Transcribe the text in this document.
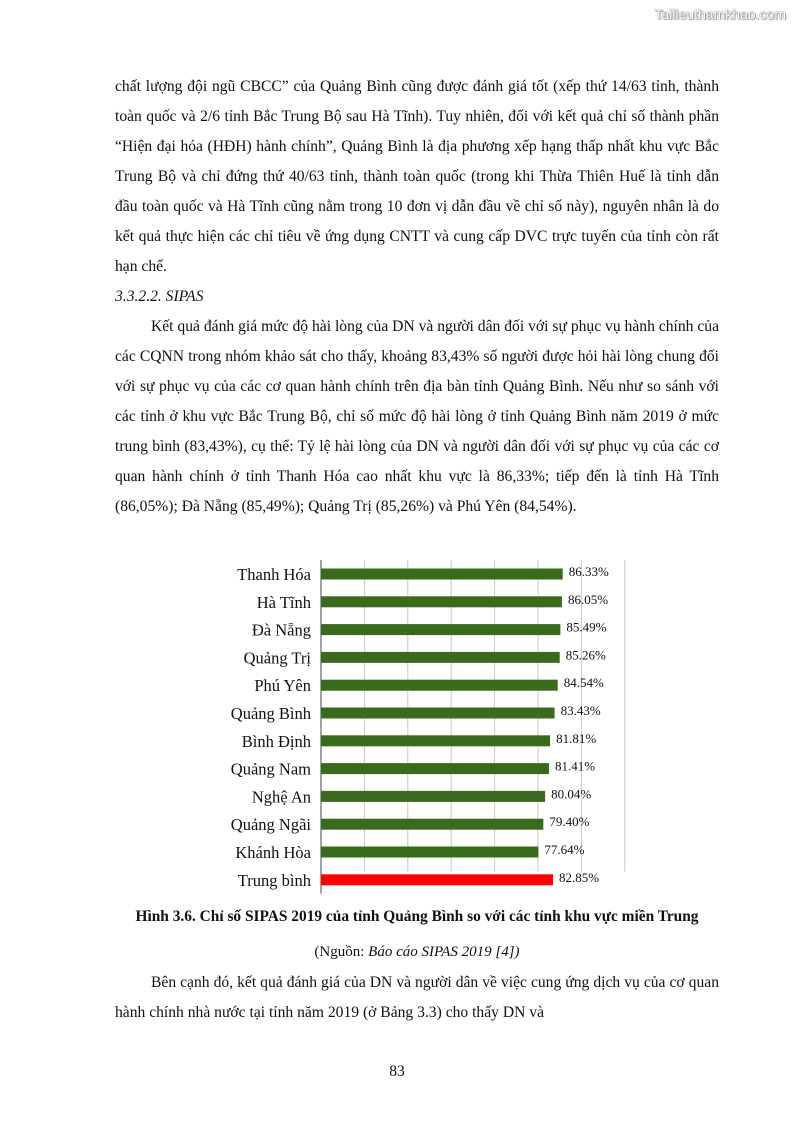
Tailieuthamkhao.com

chất lượng đội ngũ CBCC” của Quảng Bình cũng được đánh giá tốt (xếp thứ 14/63 tỉnh, thành toàn quốc và 2/6 tỉnh Bắc Trung Bộ sau Hà Tĩnh). Tuy nhiên, đối với kết quả chỉ số thành phần “Hiện đại hóa (HĐH) hành chính”, Quảng Bình là địa phương xếp hạng thấp nhất khu vực Bắc Trung Bộ và chỉ đứng thứ 40/63 tỉnh, thành toàn quốc (trong khi Thừa Thiên Huế là tỉnh dẫn đầu toàn quốc và Hà Tĩnh cũng nằm trong 10 đơn vị dẫn đầu về chỉ số này), nguyên nhân là do kết quả thực hiện các chỉ tiêu về ứng dụng CNTT và cung cấp DVC trực tuyến của tỉnh còn rất hạn chế.

3.3.2.2. SIPAS

Kết quả đánh giá mức độ hài lòng của DN và người dân đối với sự phục vụ hành chính của các CQNN trong nhóm khảo sát cho thấy, khoảng 83,43% số người được hỏi hài lòng chung đối với sự phục vụ của các cơ quan hành chính trên địa bàn tỉnh Quảng Bình. Nếu như so sánh với các tỉnh ở khu vực Bắc Trung Bộ, chỉ số mức độ hài lòng ở tỉnh Quảng Bình năm 2019 ở mức trung bình (83,43%), cụ thể: Tỷ lệ hài lòng của DN và người dân đối với sự phục vụ của các cơ quan hành chính ở tỉnh Thanh Hóa cao nhất khu vực là 86,33%; tiếp đến là tỉnh Hà Tĩnh (86,05%); Đà Nẵng (85,49%); Quảng Trị (85,26%) và Phú Yên (84,54%).

Thanh Hóa	86.33%
Hà Tĩnh	86.05%
Đà Nẵng	85.49%
Quảng Trị	85.26%
Phú Yên	84.54%
Quảng Bình	83.43%
Bình Định	81.81%
Quảng Nam	81.41%
Nghệ An	80.04%
Quảng Ngãi	79.40%
Khánh Hòa	77.64%
Trung bình	82.85%
Hình 3.6. Chỉ số SIPAS 2019 của tỉnh Quảng Bình so với các tỉnh khu vực miền Trung
(Nguồn: Báo cáo SIPAS 2019 [4])

Bên cạnh đó, kết quả đánh giá của DN và người dân về việc cung ứng dịch vụ của cơ quan hành chính nhà nước tại tỉnh năm 2019 (ở Bảng 3.3) cho thấy DN và

83
